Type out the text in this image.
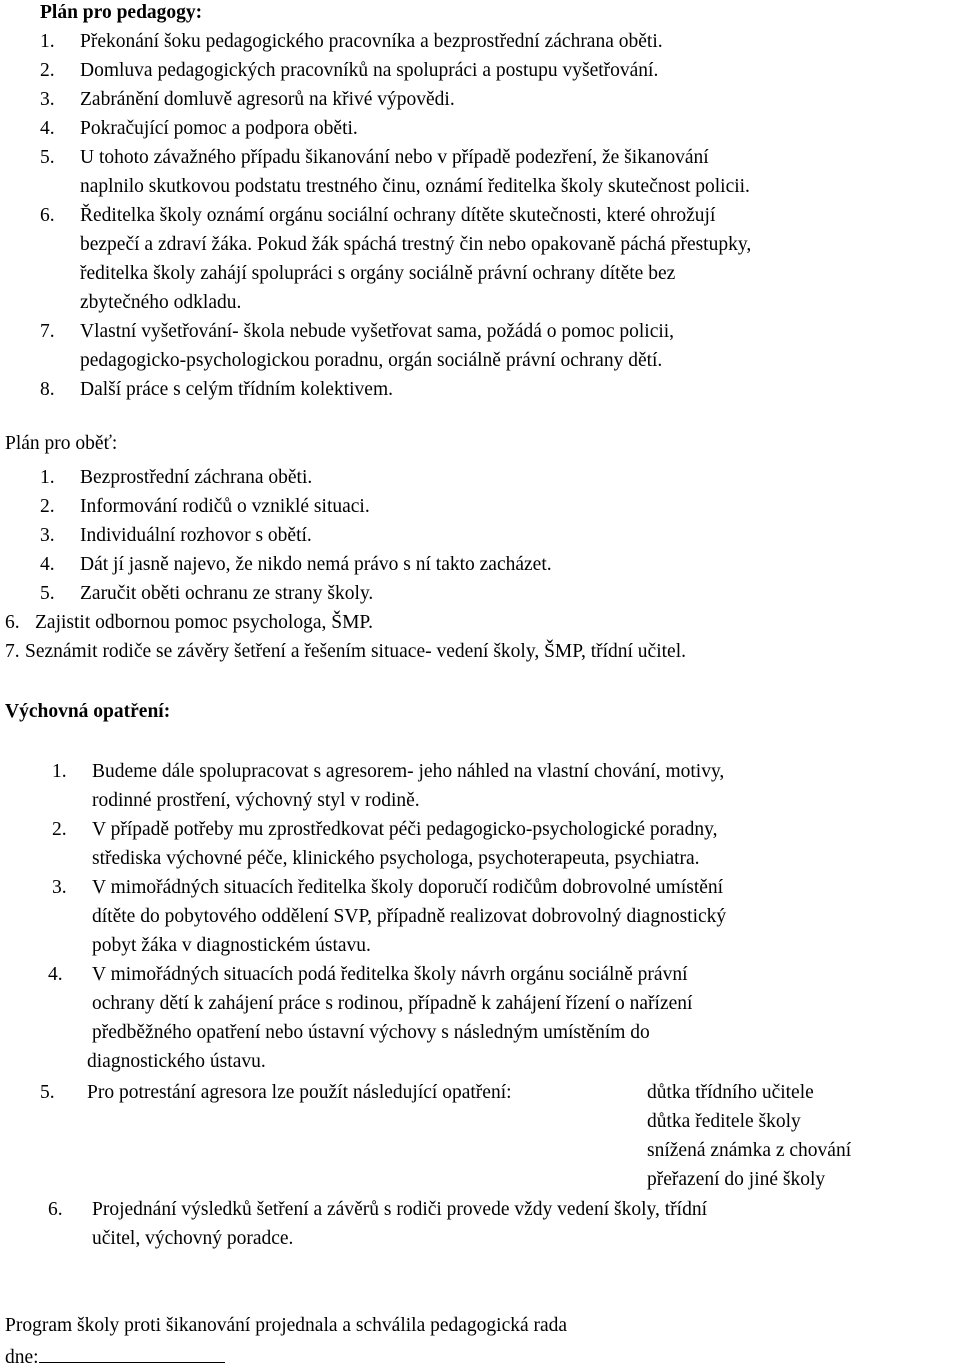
Plán pro pedagogy:
1. Překonání šoku pedagogického pracovníka a bezprostřední záchrana oběti.
2. Domluva pedagogických pracovníků na spolupráci a postupu vyšetřování.
3. Zabránění domluvě agresorů na křivé výpovědi.
4. Pokračující pomoc a podpora oběti.
5. U tohoto závažného případu šikanování nebo v případě podezření, že šikanování
naplnilo skutkovou podstatu trestného činu, oznámí ředitelka školy skutečnost policii.
6. Ředitelka školy oznámí orgánu sociální ochrany dítěte skutečnosti, které ohrožují
bezpečí a zdraví žáka. Pokud žák spáchá trestný čin nebo opakovaně páchá přestupky,
ředitelka školy zahájí spolupráci s orgány sociálně právní ochrany dítěte bez
zbytečného odkladu.
7. Vlastní vyšetřování- škola nebude vyšetřovat sama, požádá o pomoc policii,
pedagogicko-psychologickou poradnu, orgán sociálně právní ochrany dětí.
8. Další práce s celým třídním kolektivem.
Plán pro oběť:
1. Bezprostřední záchrana oběti.
2. Informování rodičů o vzniklé situaci.
3. Individuální rozhovor s obětí.
4. Dát jí jasně najevo, že nikdo nemá právo s ní takto zacházet.
5. Zaručit oběti ochranu ze strany školy.
6. Zajistit odbornou pomoc psychologa, ŠMP.
7. Seznámit rodiče se závěry šetření a řešením situace- vedení školy, ŠMP, třídní učitel.
Výchovná opatření:
1. Budeme dále spolupracovat s agresorem- jeho náhled na vlastní chování, motivy,
rodinné prostření, výchovný styl v rodině.
2. V případě potřeby mu zprostředkovat péči pedagogicko-psychologické poradny,
střediska výchovné péče, klinického psychologa, psychoterapeuta, psychiatra.
3. V mimořádných situacích ředitelka školy doporučí rodičům dobrovolné umístění
dítěte do pobytového oddělení SVP, případně realizovat dobrovolný diagnostický
pobyt žáka v diagnostickém ústavu.
4. V mimořádných situacích podá ředitelka školy návrh orgánu sociálně právní
ochrany dětí k zahájení práce s rodinou, případně k zahájení řízení o nařízení
předběžného opatření nebo ústavní výchovy s následným umístěním do
diagnostického ústavu.
5. Pro potrestání agresora lze použít následující opatření:	důtka třídního učitele
důtka ředitele školy
snížená známka z chování
přeřazení do jiné školy
6. Projednání výsledků šetření a závěrů s rodiči provede vždy vedení školy, třídní
učitel, výchovný poradce.
Program školy proti šikanování projednala a schválila pedagogická rada
dne:
